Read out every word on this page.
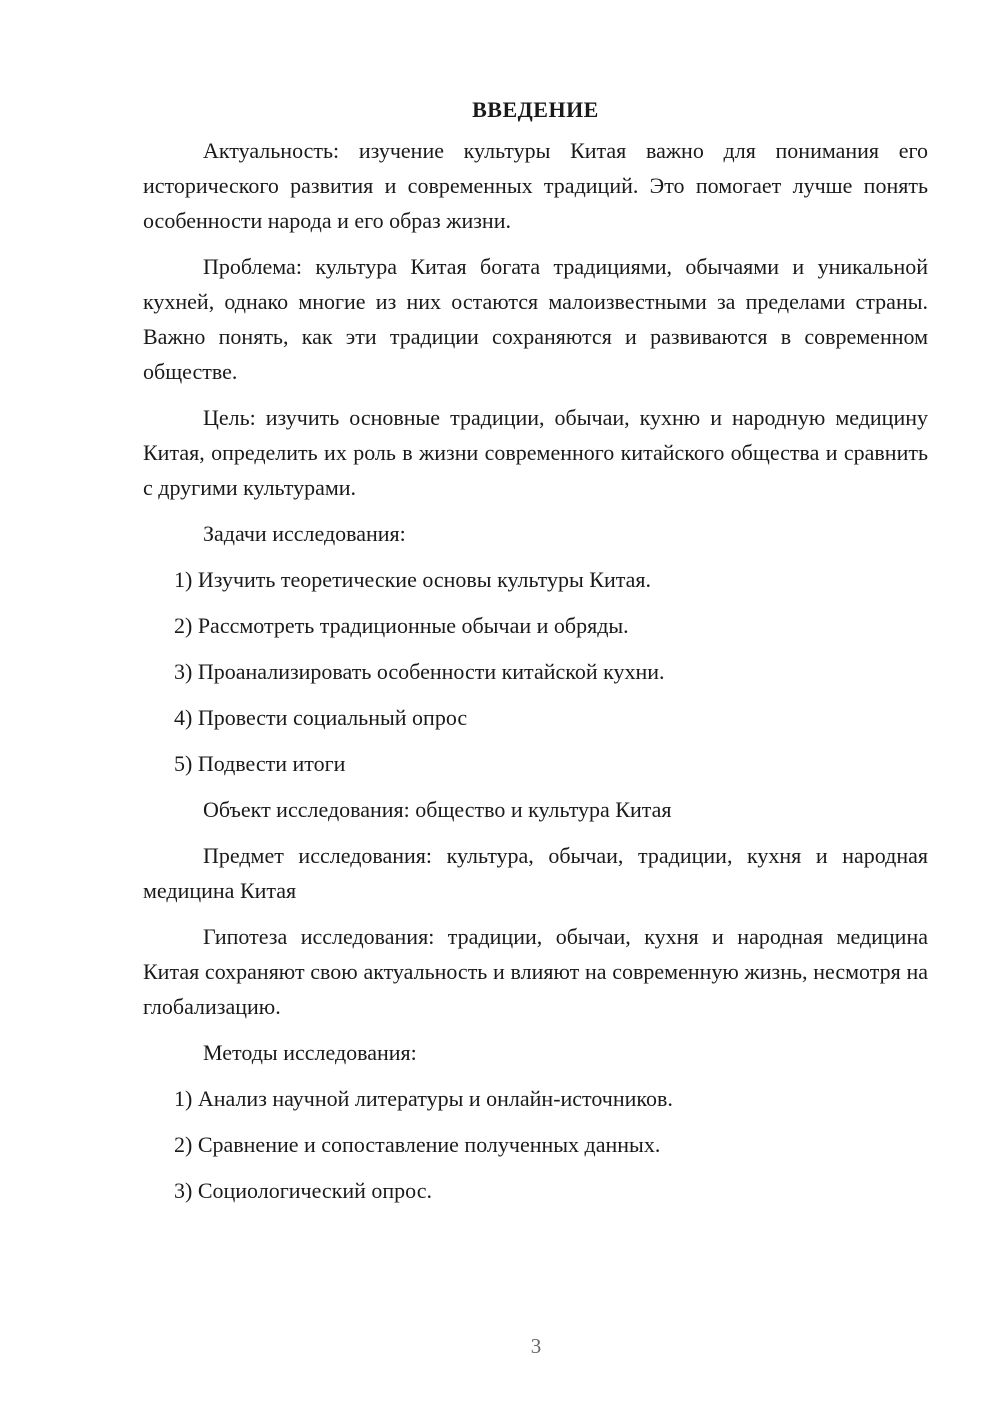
ВВЕДЕНИЕ

Актуальность: изучение культуры Китая важно для понимания его исторического развития и современных традиций. Это помогает лучше понять особенности народа и его образ жизни.

Проблема: культура Китая богата традициями, обычаями и уникальной кухней, однако многие из них остаются малоизвестными за пределами страны. Важно понять, как эти традиции сохраняются и развиваются в современном обществе.

Цель: изучить основные традиции, обычаи, кухню и народную медицину Китая, определить их роль в жизни современного китайского общества и сравнить с другими культурами.

Задачи исследования:
1) Изучить теоретические основы культуры Китая.
2) Рассмотреть традиционные обычаи и обряды.
3) Проанализировать особенности китайской кухни.
4) Провести социальный опрос
5) Подвести итоги
Объект исследования: общество и культура Китая

Предмет исследования: культура, обычаи, традиции, кухня и народная медицина Китая

Гипотеза исследования: традиции, обычаи, кухня и народная медицина Китая сохраняют свою актуальность и влияют на современную жизнь, несмотря на глобализацию.

Методы исследования:
1) Анализ научной литературы и онлайн-источников.
2) Сравнение и сопоставление полученных данных.
3) Социологический опрос.
3
